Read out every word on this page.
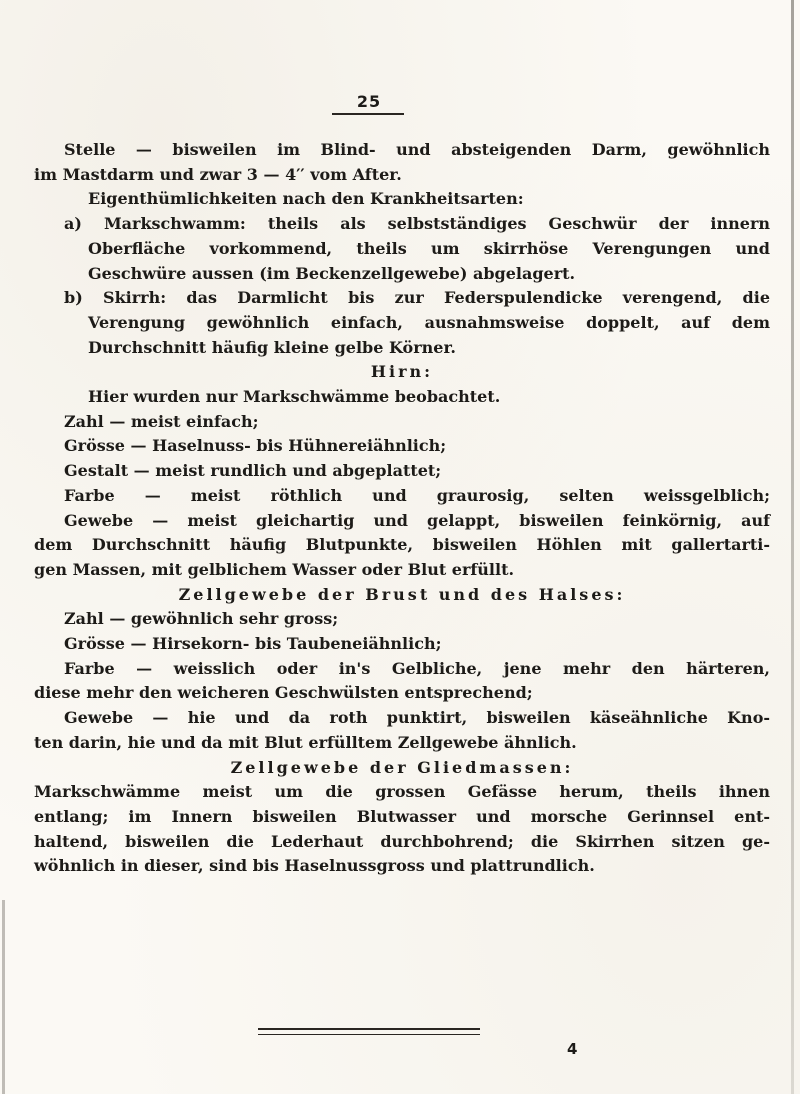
25
Stelle — bisweilen im Blind- und absteigenden Darm, gewöhnlich
im Mastdarm und zwar 3 — 4′′ vom After.
Eigenthümlichkeiten nach den Krankheitsarten:
a) Markschwamm: theils als selbstständiges Geschwür der innern
Oberfläche vorkommend, theils um skirrhöse Verengungen und
Geschwüre aussen (im Beckenzellgewebe) abgelagert.
b) Skirrh: das Darmlicht bis zur Federspulendicke verengend, die
Verengung gewöhnlich einfach, ausnahmsweise doppelt, auf dem
Durchschnitt häufig kleine gelbe Körner.
Hirn:
Hier wurden nur Markschwämme beobachtet.
Zahl — meist einfach;
Grösse — Haselnuss- bis Hühnereiähnlich;
Gestalt — meist rundlich und abgeplattet;
Farbe — meist röthlich und graurosig, selten weissgelblich;
Gewebe — meist gleichartig und gelappt, bisweilen feinkörnig, auf
dem Durchschnitt häufig Blutpunkte, bisweilen Höhlen mit gallertarti-
gen Massen, mit gelblichem Wasser oder Blut erfüllt.
Zellgewebe der Brust und des Halses:
Zahl — gewöhnlich sehr gross;
Grösse — Hirsekorn- bis Taubeneiähnlich;
Farbe — weisslich oder in's Gelbliche, jene mehr den härteren,
diese mehr den weicheren Geschwülsten entsprechend;
Gewebe — hie und da roth punktirt, bisweilen käseähnliche Kno-
ten darin, hie und da mit Blut erfülltem Zellgewebe ähnlich.
Zellgewebe der Gliedmassen:
Markschwämme meist um die grossen Gefässe herum, theils ihnen
entlang; im Innern bisweilen Blutwasser und morsche Gerinnsel ent-
haltend, bisweilen die Lederhaut durchbohrend; die Skirrhen sitzen ge-
wöhnlich in dieser, sind bis Haselnussgross und plattrundlich.
4
